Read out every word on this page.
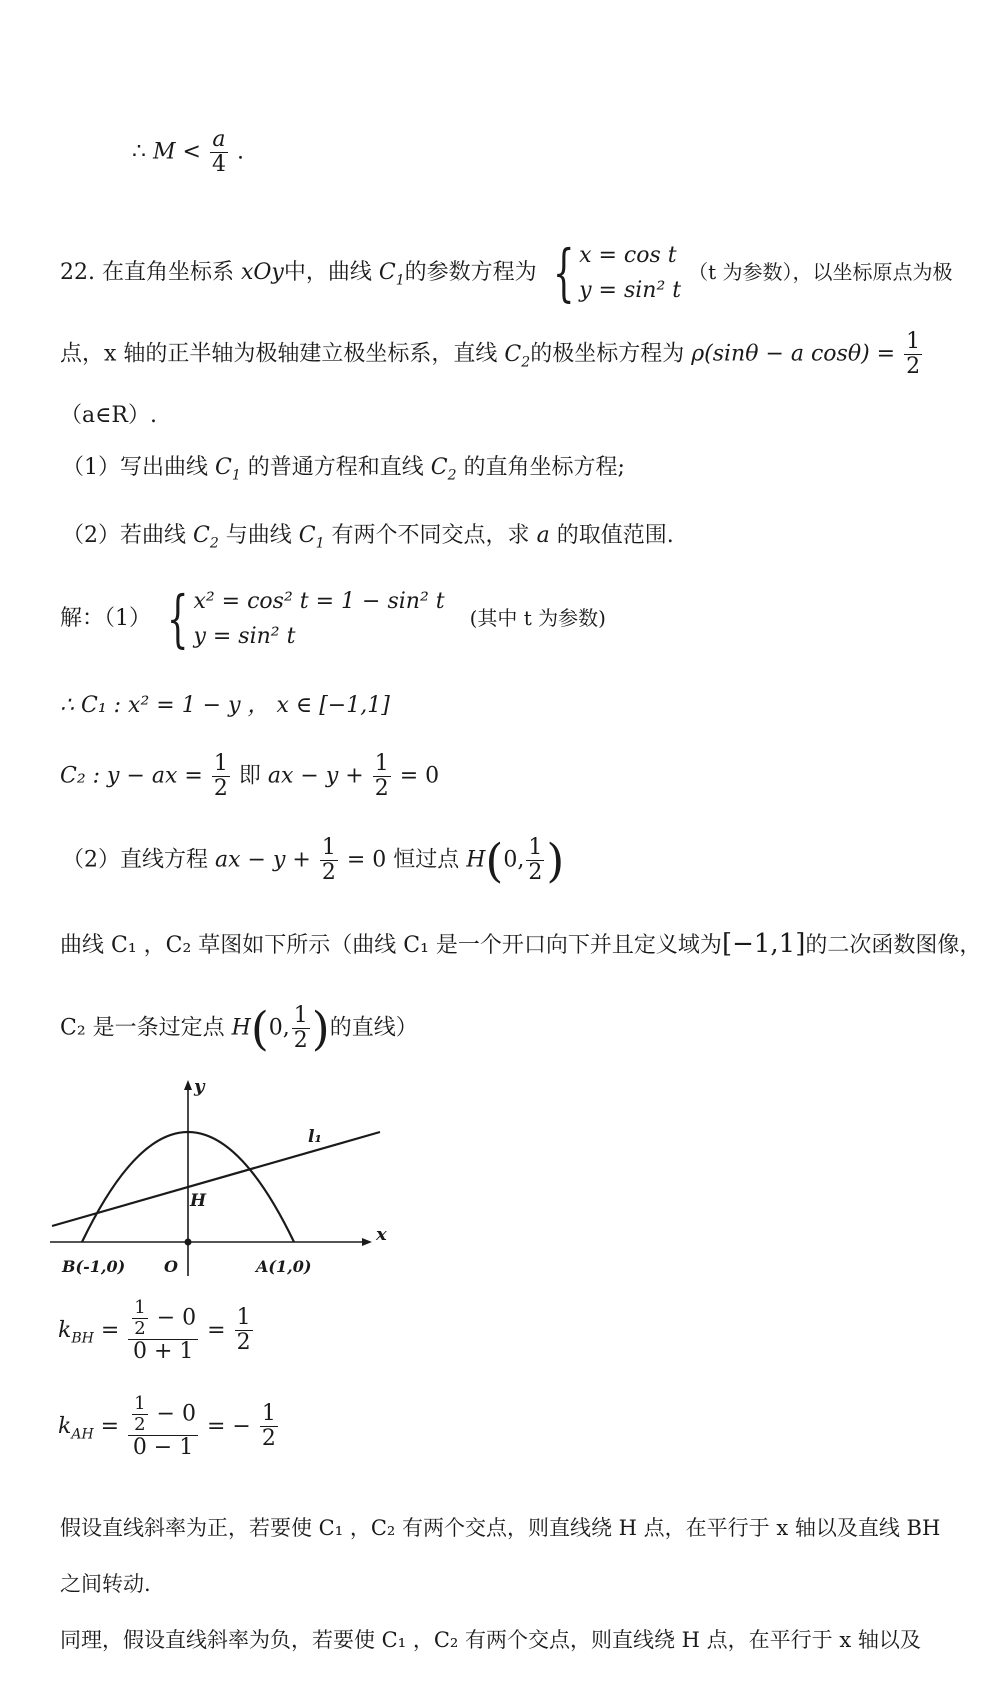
∴ $M < \frac{a}{4}$ .
22. 在直角坐标系 xOy中，曲线 $C_1$的参数方程为 { x = cos t
y = sin² t
（t 为参数），以坐标原点为极
点，x 轴的正半轴为极轴建立极坐标系，直线 $C_2$的极坐标方程为 ρ(sinθ − a $\cos\theta) = \frac{1}{2}$
（a∈R）.
（1）写出曲线 $C_1$ 的普通方程和直线 $C_2$ 的直角坐标方程;
（2）若曲线 $C_2$ 与曲线 $C_1$ 有两个不同交点，求 a 的取值范围.
解：（1） { x² = cos² t = 1 − sin² t
y = sin² t
(其中 t 为参数)
∴ C₁ : x² = 1 − y ， x ∈ [−1,1]
C₂ : y − ax = $\frac{1}{2}$ 即 ax − $y + \frac{1}{2} = 0$
（2）直线方程 ax − $y + \frac{1}{2} = 0$ 恒过点 H(0, $\frac{1}{2}$ )
曲线 C₁ ，C₂ 草图如下所示（曲线 C₁ 是一个开口向下并且定义域为[−1,1]的二次函数图像，
C₂ 是一条过定点 H(0, $\frac{1}{2}$ )的直线）
y
x
l₁
H
B(-1,0) O	A(1,0)
$k_{BH} = \frac{\frac{1}{2} - 0}{0 + 1} = \frac{1}{2}$
$k_{AH} = \frac{\frac{1}{2} - 0}{0 - 1}$ = − $\frac{1}{2}$
假设直线斜率为正，若要使 C₁ ，C₂ 有两个交点，则直线绕 H 点，在平行于 x 轴以及直线 BH
之间转动.
同理，假设直线斜率为负，若要使 C₁ ，C₂ 有两个交点，则直线绕 H 点，在平行于 x 轴以及
